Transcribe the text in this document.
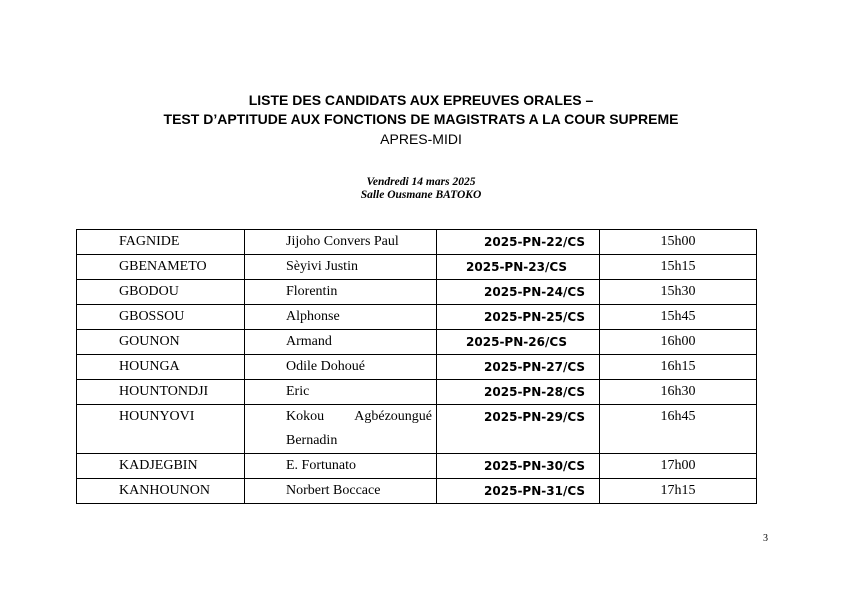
LISTE DES CANDIDATS AUX EPREUVES ORALES –
TEST D’APTITUDE AUX FONCTIONS DE MAGISTRATS A LA COUR SUPREME
APRES-MIDI
Vendredi 14 mars 2025
Salle Ousmane BATOKO
FAGNIDE	Jijoho Convers Paul	2025-PN-22/CS	15h00
GBENAMETO	Sèyivi Justin	2025-PN-23/CS	15h15
GBODOU	Florentin	2025-PN-24/CS	15h30
GBOSSOU	Alphonse	2025-PN-25/CS	15h45
GOUNON	Armand	2025-PN-26/CS	16h00
HOUNGA	Odile Dohoué	2025-PN-27/CS	16h15
HOUNTONDJI	Eric	2025-PN-28/CS	16h30
HOUNYOVI	Kokou Agbézoungué Bernadin	2025-PN-29/CS	16h45
KADJEGBIN	E. Fortunato	2025-PN-30/CS	17h00
KANHOUNON	Norbert Boccace	2025-PN-31/CS	17h15
3
